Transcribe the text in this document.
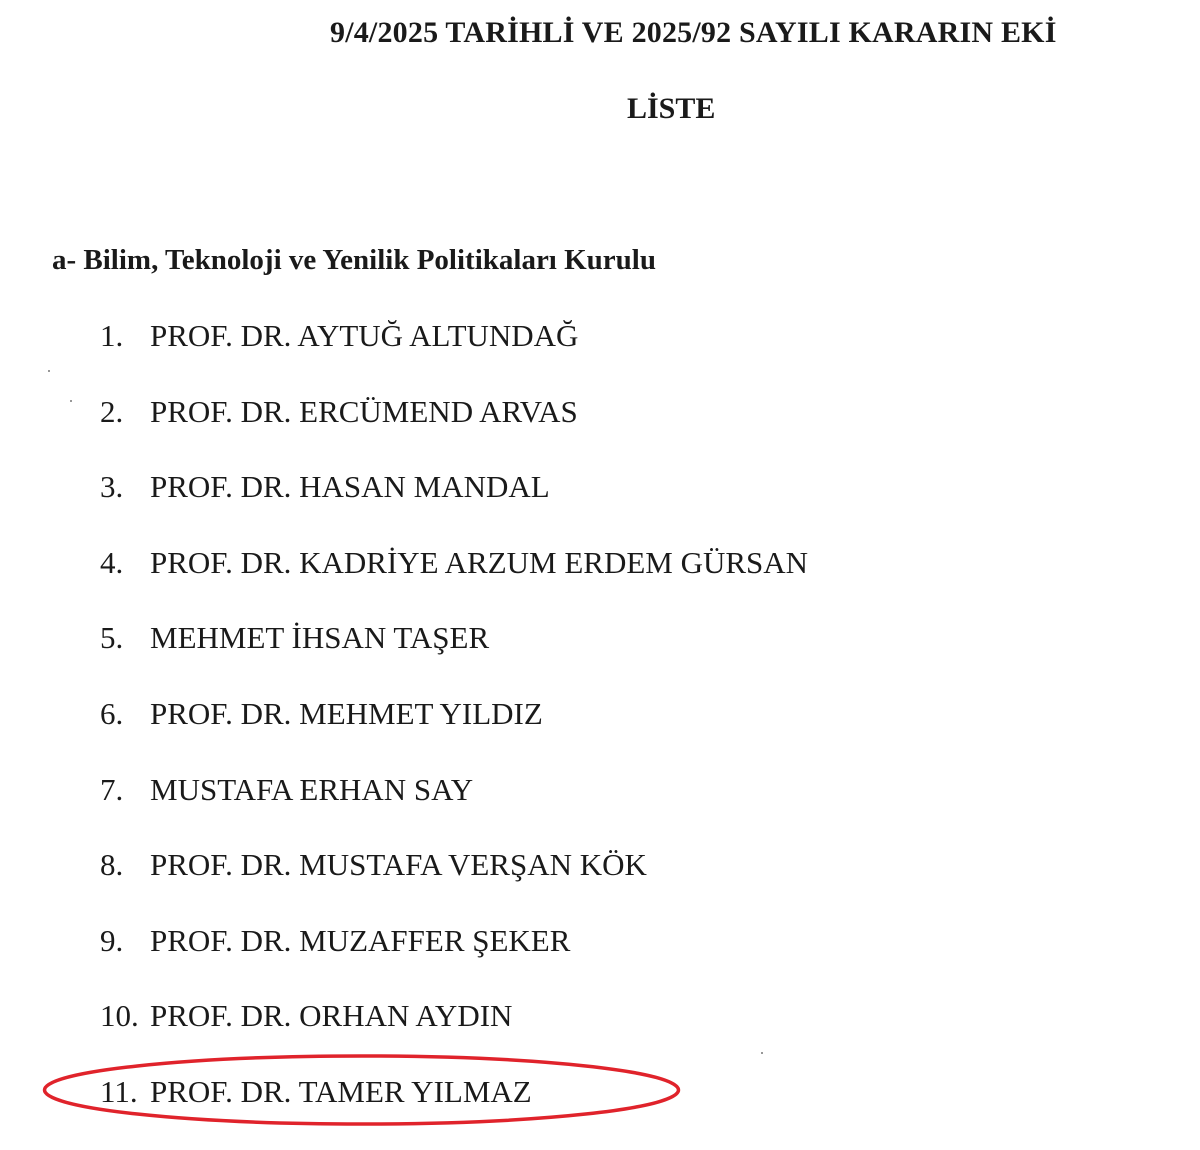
9/4/2025 TARİHLİ VE 2025/92 SAYILI KARARIN EKİ
LİSTE
a- Bilim, Teknoloji ve Yenilik Politikaları Kurulu
1. PROF. DR. AYTUĞ ALTUNDAĞ
2. PROF. DR. ERCÜMEND ARVAS
3. PROF. DR. HASAN MANDAL
4. PROF. DR. KADRİYE ARZUM ERDEM GÜRSAN
5. MEHMET İHSAN TAŞER
6. PROF. DR. MEHMET YILDIZ
7. MUSTAFA ERHAN SAY
8. PROF. DR. MUSTAFA VERŞAN KÖK
9. PROF. DR. MUZAFFER ŞEKER
10. PROF. DR. ORHAN AYDIN
11. PROF. DR. TAMER YILMAZ
